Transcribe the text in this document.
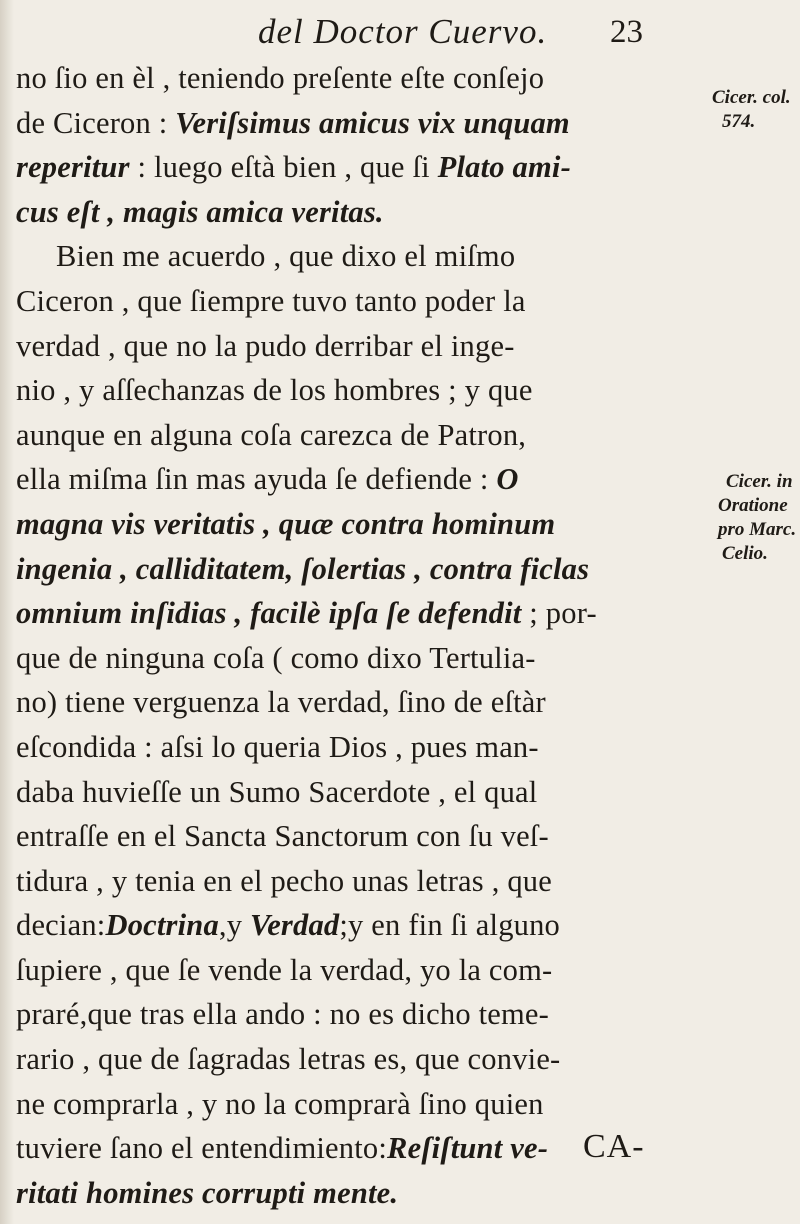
del Doctor Cuervo. 23
no ſio en èl , teniendo preſente eſte conſejo
de Ciceron : Veriſsimus amicus vix unquam
reperitur : luego eſtà bien , que ſi Plato ami-
cus eſt , magis amica veritas.
Bien me acuerdo , que dixo el miſmo
Ciceron , que ſiempre tuvo tanto poder la
verdad , que no la pudo derribar el inge-
nio , y aſſechanzas de los hombres ; y que
aunque en alguna coſa carezca de Patron,
ella miſma ſin mas ayuda ſe defiende : O
magna vis veritatis , quæ contra hominum
ingenia , calliditatem, ſolertias , contra ficlas
omnium inſidias , facilè ipſa ſe defendit ; por-
que de ninguna coſa ( como dixo Tertulia-
no) tiene verguenza la verdad, ſino de eſtàr
eſcondida : aſsi lo queria Dios , pues man-
daba huvieſſe un Sumo Sacerdote , el qual
entraſſe en el Sancta Sanctorum con ſu veſ-
tidura , y tenia en el pecho unas letras , que
decian:Doctrina,y Verdad;y en fin ſi alguno
ſupiere , que ſe vende la verdad, yo la com-
praré,que tras ella ando : no es dicho teme-
rario , que de ſagradas letras es, que convie-
ne comprarla , y no la comprarà ſino quien
tuviere ſano el entendimiento:Reſiſtunt ve-
ritati homines corrupti mente.
Cicer. col.
574.
Cicer. in
Oratione
pro Marc.
Celio.
CA-
